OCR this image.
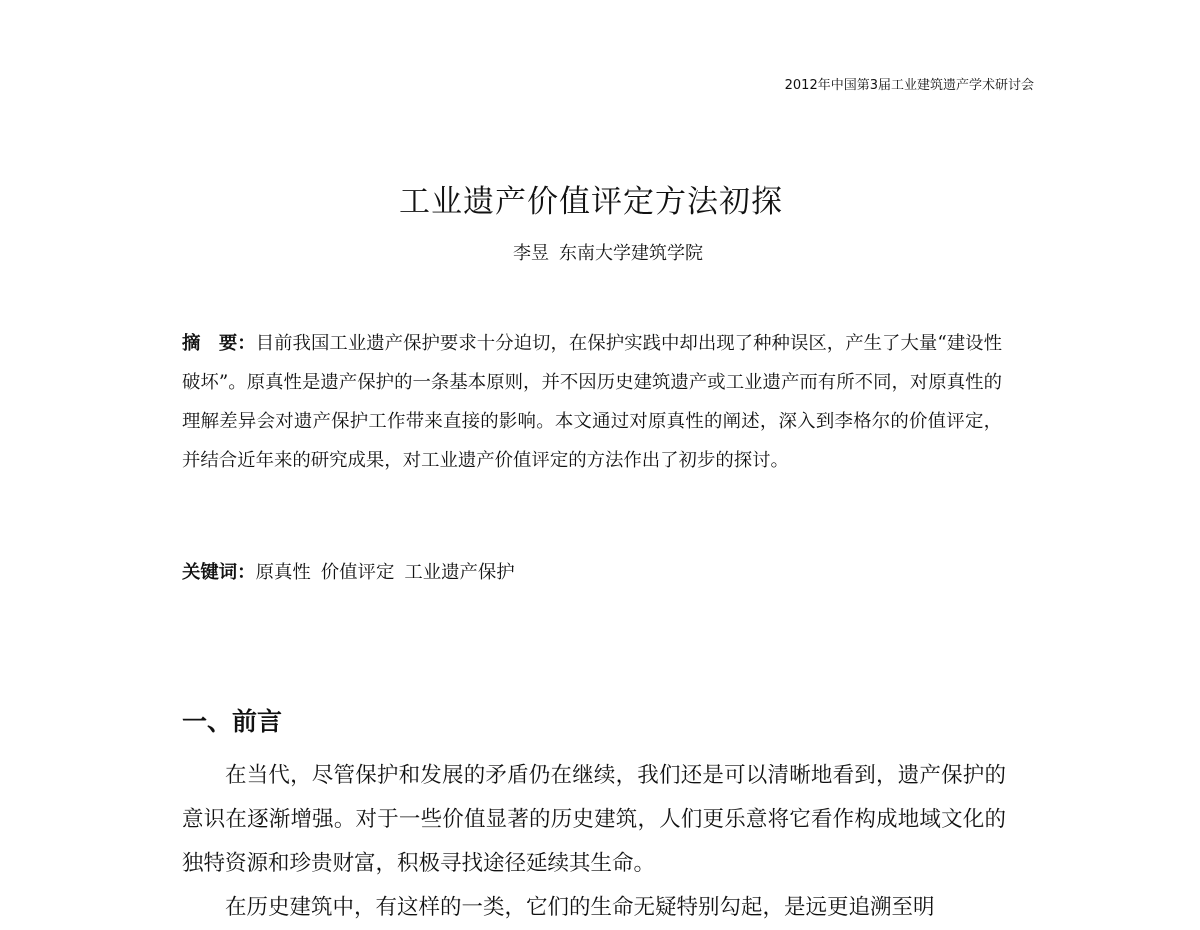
2012年中国第3届工业建筑遗产学术研讨会
工业遗产价值评定方法初探
李昱 东南大学建筑学院
摘　要：目前我国工业遗产保护要求十分迫切，在保护实践中却出现了种种误区，产生了大量“建设性破坏”。原真性是遗产保护的一条基本原则，并不因历史建筑遗产或工业遗产而有所不同，对原真性的理解差异会对遗产保护工作带来直接的影响。本文通过对原真性的阐述，深入到李格尔的价值评定，并结合近年来的研究成果，对工业遗产价值评定的方法作出了初步的探讨。
关键词：原真性 价值评定 工业遗产保护
一、前言

在当代，尽管保护和发展的矛盾仍在继续，我们还是可以清晰地看到，遗产保护的意识在逐渐增强。对于一些价值显著的历史建筑，人们更乐意将它看作构成地域文化的独特资源和珍贵财富，积极寻找途径延续其生命。

在历史建筑中，有这样的一类，它们的生命无疑特别勾起，是远更追溯至明
